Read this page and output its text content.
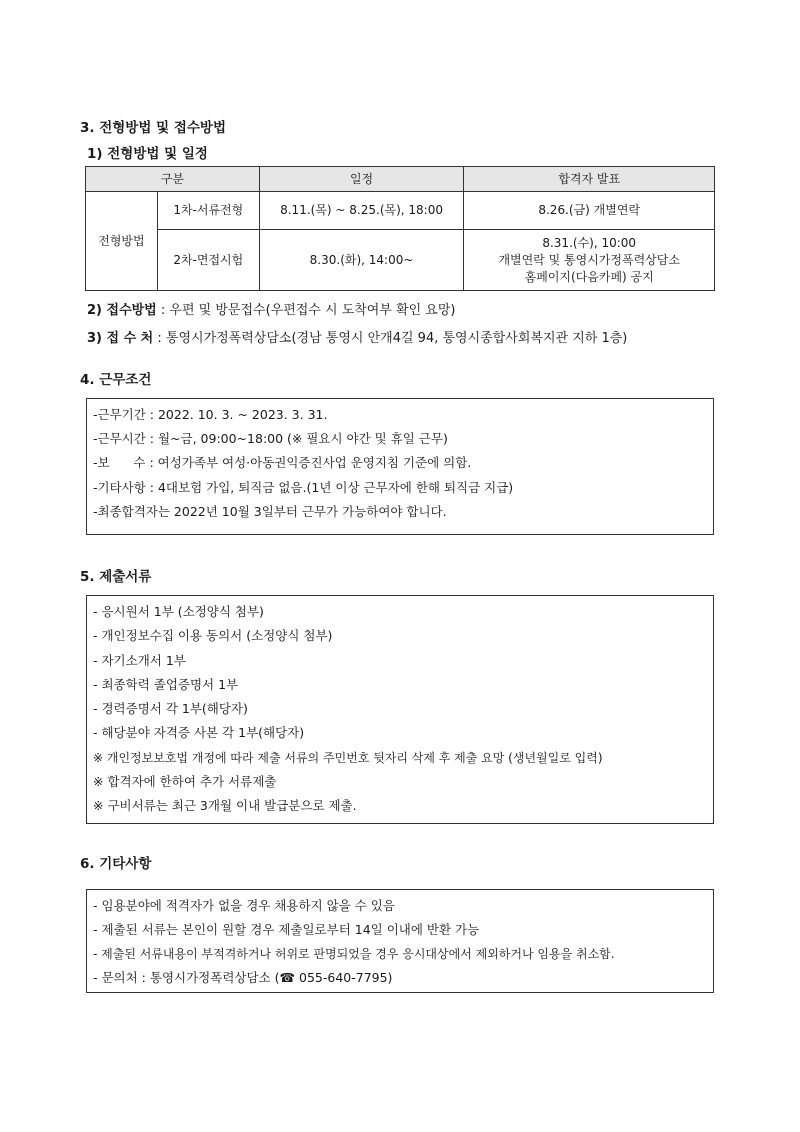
3. 전형방법 및 접수방법
1) 전형방법 및 일정
구분		일정	합격자 발표
전형방법	1차-서류전형	8.11.(목) ~ 8.25.(목), 18:00	8.26.(금) 개별연락

	2차-면접시험	8.30.(화), 14:00~	8.31.(수), 10:00
개별연락 및 통영시가정폭력상담소
홈페이지(다음카페) 공지
2) 접수방법 : 우편 및 방문접수(우편접수 시 도착여부 확인 요망)
3) 접 수 처 : 통영시가정폭력상담소(경남 통영시 안개4길 94, 통영시종합사회복지관 지하 1층)
4. 근무조건
-근무기간 : 2022. 10. 3. ~ 2023. 3. 31.
-근무시간 : 월~금, 09:00~18:00 (※ 필요시 야간 및 휴일 근무)
-보      수 : 여성가족부 여성·아동권익증진사업 운영지침 기준에 의함.
-기타사항 : 4대보험 가입, 퇴직금 없음.(1년 이상 근무자에 한해 퇴직금 지급)
-최종합격자는 2022년 10월 3일부터 근무가 가능하여야 합니다.
5. 제출서류
- 응시원서 1부 (소정양식 첨부)
- 개인정보수집 이용 동의서 (소정양식 첨부)
- 자기소개서 1부
- 최종학력 졸업증명서 1부
- 경력증명서 각 1부(해당자)
- 해당분야 자격증 사본 각 1부(해당자)
※ 개인정보보호법 개정에 따라 제출 서류의 주민번호 뒷자리 삭제 후 제출 요망 (생년월일로 입력)
※ 합격자에 한하여 추가 서류제출
※ 구비서류는 최근 3개월 이내 발급분으로 제출.
6. 기타사항
- 임용분야에 적격자가 없을 경우 채용하지 않을 수 있음
- 제출된 서류는 본인이 원할 경우 제출일로부터 14일 이내에 반환 가능
- 제출된 서류내용이 부적격하거나 허위로 판명되었을 경우 응시대상에서 제외하거나 임용을 취소함.
- 문의처 : 통영시가정폭력상담소 (☎ 055-640-7795)
